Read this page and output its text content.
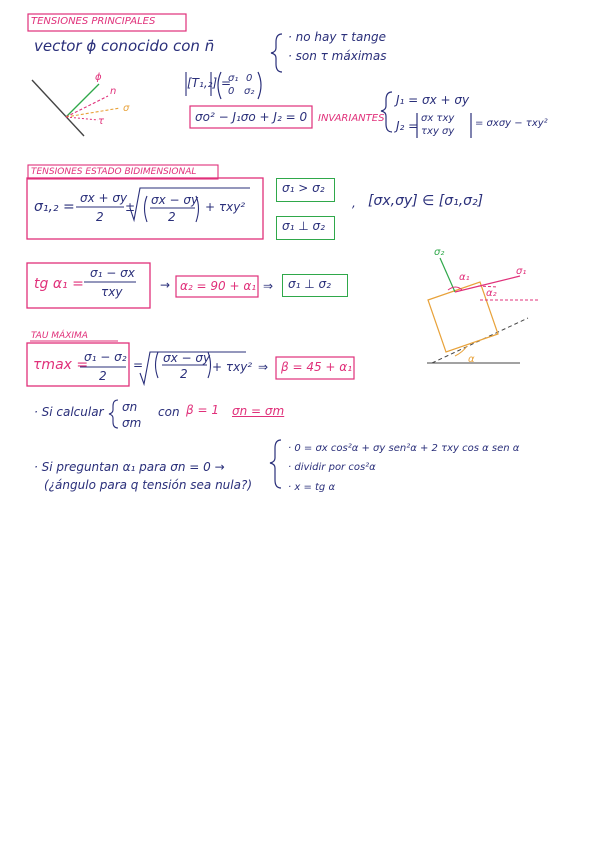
TENSIONES PRINCIPALES
vector ϕ conocido con n̄	· no hay τ tange
· son τ máximas
ϕ
n
σ
τ
[T₁,₂] =
σ₁ 0
0 σ₂
σo² − J₁σo + J₂ = 0 INVARIANTES
J₁ = σx + σy
J₂ =
σx τxy
τxy σy
= σxσy − τxy²
TENSIONES ESTADO BIDIMENSIONAL
σ₁,₂ =
σx + σy
2
± σx − σy
2
+ τxy²
σ₁ > σ₂
σ₁ ⊥ σ₂
, [σx,σy] ∈ [σ₁,σ₂]
tg α₁ =
σ₁ − σx
τxy	→ α₂ = 90 + α₁ ⇒ σ₁ ⊥ σ₂
σ₂
σ₁
α₁
α₂
α
TAU MÁXIMA
τmax =
σ₁ − σ₂
2
= σx − σy
2 + τxy² ⇒ β = 45 + α₁
· Si calcular σn
σm
con β = 1 σn = σm
· Si preguntan α₁ para σn = 0 →
(¿ángulo para q tensión sea nula?)
· 0 = σx cos²α + σy sen²α + 2 τxy cos α sen α
· dividir por cos²α
· x = tg α
